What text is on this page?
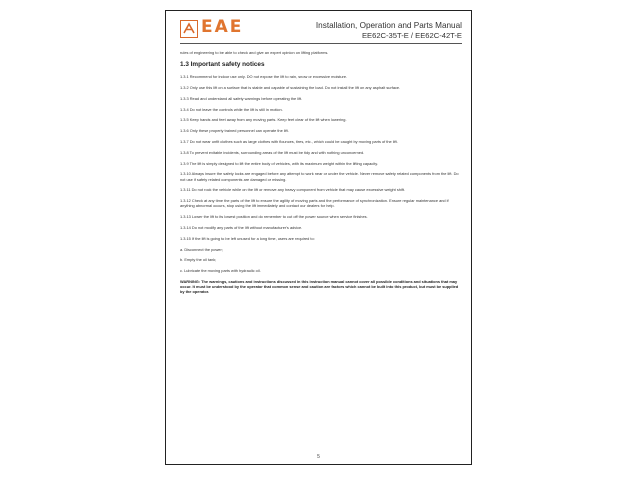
EAE	Installation, Operation and Parts Manual
EE62C-35T-E / EE62C-42T-E

rules of engineering to be able to check and give an expert opinion on lifting platforms.

1.3 Important safety notices

1.3.1 Recommend for indoor use only. DO not expose the lift to rain, snow or excessive moisture.

1.3.2 Only use this lift on a surface that is stable and capable of sustaining the load. Do not install the lift on any asphalt surface.

1.3.3 Read and understand all safety warnings before operating the lift.

1.3.4 Do not leave the controls while the lift is still in motion.

1.3.5 Keep hands and feet away from any moving parts. Keep feet clear of the lift when lowering.

1.3.6 Only these properly trained personnel can operate the lift.

1.3.7 Do not wear unfit clothes such as large clothes with flounces, tires, etc., which could be caught by moving parts of the lift.

1.3.8 To prevent evitable incidents, surrounding areas of the lift must be tidy and with nothing unconcerned.

1.3.9 The lift is simply designed to lift the entire body of vehicles, with its maximum weight within the lifting capacity.

1.3.10 Always insure the safety locks are engaged before any attempt to work near or under the vehicle. Never remove safety related components from the lift. Do not use if safety related components are damaged or missing.

1.3.11 Do not rock the vehicle while on the lift or remove any heavy component from vehicle that may cause excessive weight shift.

1.3.12 Check at any time the parts of the lift to ensure the agility of moving parts and the performance of synchronization. Ensure regular maintenance and if anything abnormal occurs, stop using the lift immediately and contact our dealers for help.

1.3.13 Lower the lift to its lowest position and do remember to cut off the power source when service finishes.

1.3.14 Do not modify any parts of the lift without manufacturer's advice.

1.3.15 If the lift is going to be left unused for a long time, users are required to:

a. Disconnect the power;

b. Empty the oil tank;

c. Lubricate the moving parts with hydraulic oil.

WARNING: The warnings, cautions and instructions discussed in this instruction manual cannot cover all possible conditions and situations that may occur. It must be understood by the operator that common sense and caution are factors which cannot be built into this product, but must be supplied by the operator.

5
